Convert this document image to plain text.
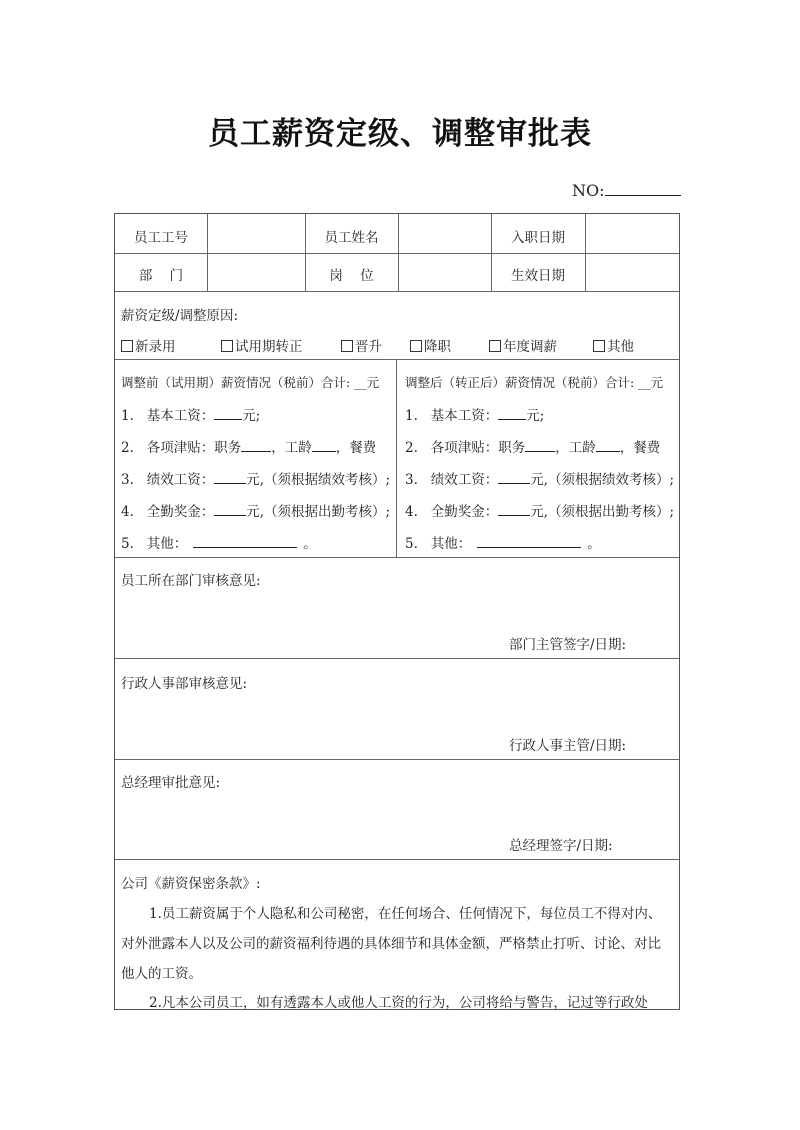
员工薪资定级、调整审批表
NO:
员工工号	员工姓名	入职日期
部    门	岗    位	生效日期
薪资定级/调整原因:
新录用	试用期转正	晋升	降职	年度调薪	其他
调整前（试用期）薪资情况（税前）合计: __元
1. 基本工资： 元;
2. 各项津贴：职务 ，工龄 ，餐费
3. 绩效工资： 元,（须根据绩效考核）;
4. 全勤奖金： 元,（须根据出勤考核）;
5. 其他：	。
调整后（转正后）薪资情况（税前）合计: __元
1. 基本工资： 元;
2. 各项津贴：职务 ，工龄 ，餐费
3. 绩效工资： 元,（须根据绩效考核）;
4. 全勤奖金： 元,（须根据出勤考核）;
5. 其他：	。
员工所在部门审核意见:
部门主管签字/日期:
行政人事部审核意见:
行政人事主管/日期:
总经理审批意见:
总经理签字/日期:
公司《薪资保密条款》:
1.员工薪资属于个人隐私和公司秘密，在任何场合、任何情况下，每位员工不得对内、对外泄露本人以及公司的薪资福利待遇的具体细节和具体金额，严格禁止打听、讨论、对比他人的工资。
2.凡本公司员工，如有透露本人或他人工资的行为，公司将给与警告，记过等行政处
